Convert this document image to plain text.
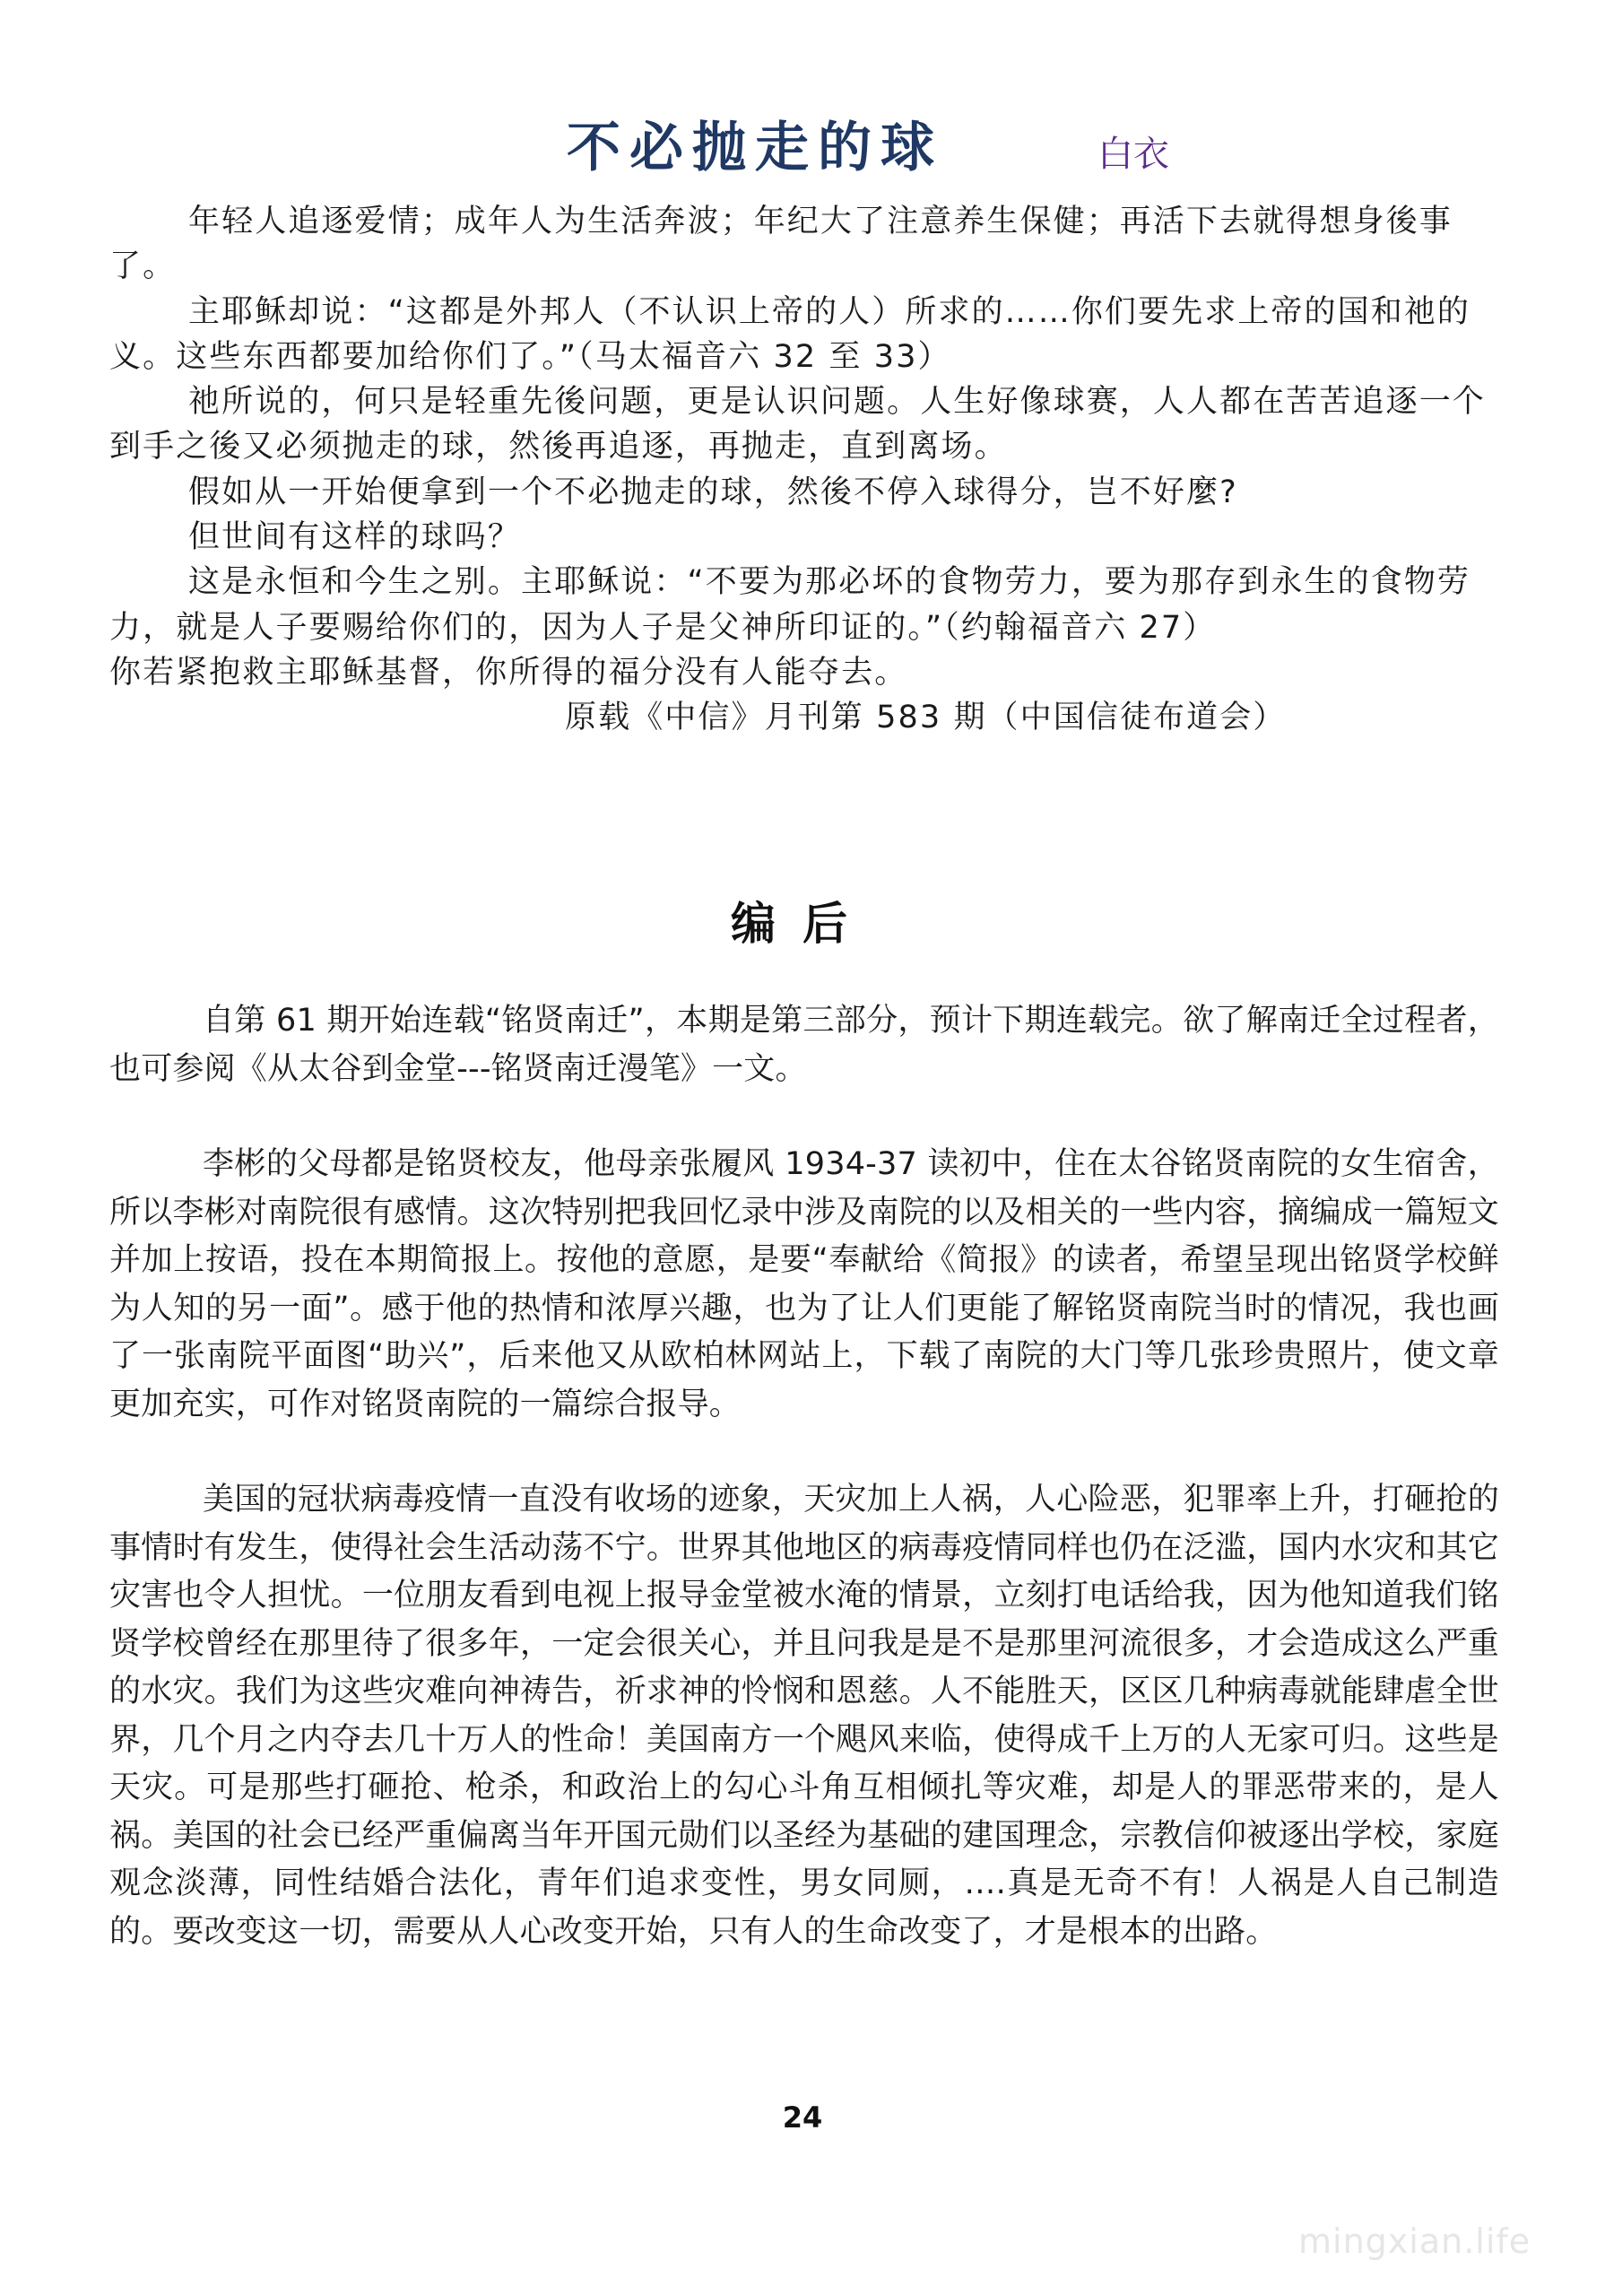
不必抛走的球	白衣

年轻人追逐爱情；成年人为生活奔波；年纪大了注意养生保健；再活下去就得想身後事了。

主耶稣却说：“这都是外邦人（不认识上帝的人）所求的……你们要先求上帝的国和祂的义。这些东西都要加给你们了。”（马太福音六 32 至 33）

祂所说的，何只是轻重先後问题，更是认识问题。人生好像球赛，人人都在苦苦追逐一个到手之後又必须抛走的球，然後再追逐，再抛走，直到离场。

假如从一开始便拿到一个不必抛走的球，然後不停入球得分，岂不好麼?

但世间有这样的球吗？

这是永恒和今生之别。主耶稣说：“不要为那必坏的食物劳力，要为那存到永生的食物劳力，就是人子要赐给你们的，因为人子是父神所印证的。”（约翰福音六 27）

你若紧抱救主耶稣基督，你所得的福分没有人能夺去。

原载《中信》月刊第 583 期（中国信徒布道会）

编后

自第 61 期开始连载“铭贤南迁”，本期是第三部分，预计下期连载完。欲了解南迁全过程者，也可参阅《从太谷到金堂---铭贤南迁漫笔》一文。

李彬的父母都是铭贤校友，他母亲张履风 1934-37 读初中，住在太谷铭贤南院的女生宿舍，所以李彬对南院很有感情。这次特别把我回忆录中涉及南院的以及相关的一些内容，摘编成一篇短文并加上按语，投在本期简报上。按他的意愿，是要“奉献给《简报》的读者，希望呈现出铭贤学校鲜为人知的另一面”。感于他的热情和浓厚兴趣，也为了让人们更能了解铭贤南院当时的情况，我也画了一张南院平面图“助兴”，后来他又从欧柏林网站上，下载了南院的大门等几张珍贵照片，使文章更加充实，可作对铭贤南院的一篇综合报导。

美国的冠状病毒疫情一直没有收场的迹象，天灾加上人祸，人心险恶，犯罪率上升，打砸抢的事情时有发生，使得社会生活动荡不宁。世界其他地区的病毒疫情同样也仍在泛滥，国内水灾和其它灾害也令人担忧。一位朋友看到电视上报导金堂被水淹的情景，立刻打电话给我，因为他知道我们铭贤学校曾经在那里待了很多年，一定会很关心，并且问我是是不是那里河流很多，才会造成这么严重的水灾。我们为这些灾难向神祷告，祈求神的怜悯和恩慈。人不能胜天，区区几种病毒就能肆虐全世界，几个月之内夺去几十万人的性命！美国南方一个飓风来临，使得成千上万的人无家可归。这些是天灾。可是那些打砸抢、枪杀，和政治上的勾心斗角互相倾扎等灾难，却是人的罪恶带来的，是人祸。美国的社会已经严重偏离当年开国元勋们以圣经为基础的建国理念，宗教信仰被逐出学校，家庭观念淡薄，同性结婚合法化，青年们追求变性，男女同厕，….真是无奇不有！人祸是人自己制造的。要改变这一切，需要从人心改变开始，只有人的生命改变了，才是根本的出路。

24
mingxian.life
